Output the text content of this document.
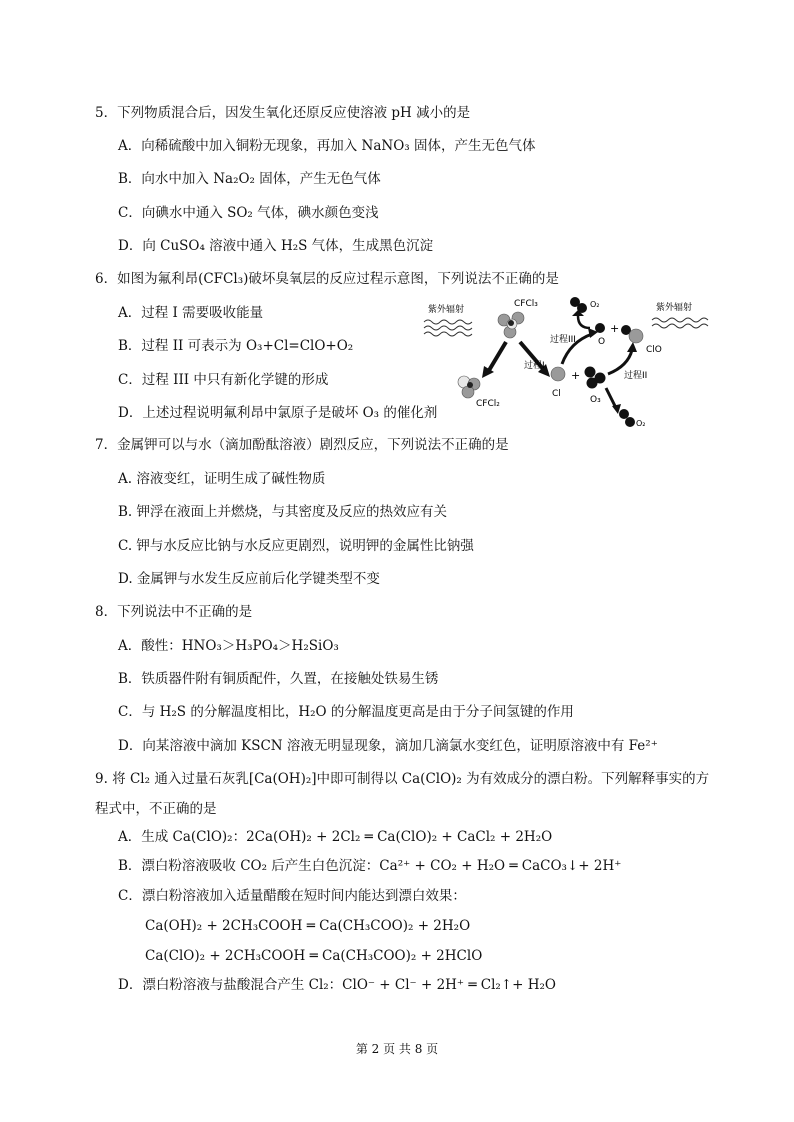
5．下列物质混合后，因发生氧化还原反应使溶液 pH 减小的是
A．向稀硫酸中加入铜粉无现象，再加入 NaNO₃ 固体，产生无色气体
B．向水中加入 Na₂O₂ 固体，产生无色气体
C．向碘水中通入 SO₂ 气体，碘水颜色变浅
D．向 CuSO₄ 溶液中通入 H₂S 气体，生成黑色沉淀
6．如图为氟利昂(CFCl₃)破坏臭氧层的反应过程示意图，下列说法不正确的是
A．过程 I 需要吸收能量
B．过程 II 可表示为 O₃+Cl=ClO+O₂
C．过程 III 中只有新化学键的形成
D．上述过程说明氟利昂中氯原子是破坏 O₃ 的催化剂
紫外辐射
CFCl₃
过程I
CFCl₂
Cl
+
O₃
过程II
O₂
过程III
O₂
O
+
ClO
紫外辐射
7．金属钾可以与水（滴加酚酞溶液）剧烈反应，下列说法不正确的是
A. 溶液变红，证明生成了碱性物质
B. 钾浮在液面上并燃烧，与其密度及反应的热效应有关
C. 钾与水反应比钠与水反应更剧烈，说明钾的金属性比钠强
D. 金属钾与水发生反应前后化学键类型不变
8．下列说法中不正确的是
A．酸性：HNO₃＞H₃PO₄＞H₂SiO₃
B．铁质器件附有铜质配件，久置，在接触处铁易生锈
C．与 H₂S 的分解温度相比，H₂O 的分解温度更高是由于分子间氢键的作用
D．向某溶液中滴加 KSCN 溶液无明显现象，滴加几滴氯水变红色，证明原溶液中有 Fe²⁺
9. 将 Cl₂ 通入过量石灰乳[Ca(OH)₂]中即可制得以 Ca(ClO)₂ 为有效成分的漂白粉。下列解释事实的方
程式中，不正确的是
A．生成 Ca(ClO)₂：2Ca(OH)₂ + 2Cl₂ ═ Ca(ClO)₂ + CaCl₂ + 2H₂O
B．漂白粉溶液吸收 CO₂ 后产生白色沉淀：Ca²⁺ + CO₂ + H₂O ═ CaCO₃↓+ 2H⁺
C．漂白粉溶液加入适量醋酸在短时间内能达到漂白效果：
Ca(OH)₂ + 2CH₃COOH ═ Ca(CH₃COO)₂ + 2H₂O
Ca(ClO)₂ + 2CH₃COOH ═ Ca(CH₃COO)₂ + 2HClO
D．漂白粉溶液与盐酸混合产生 Cl₂：ClO⁻ + Cl⁻ + 2H⁺ ═ Cl₂↑+ H₂O
第 2 页 共 8 页
